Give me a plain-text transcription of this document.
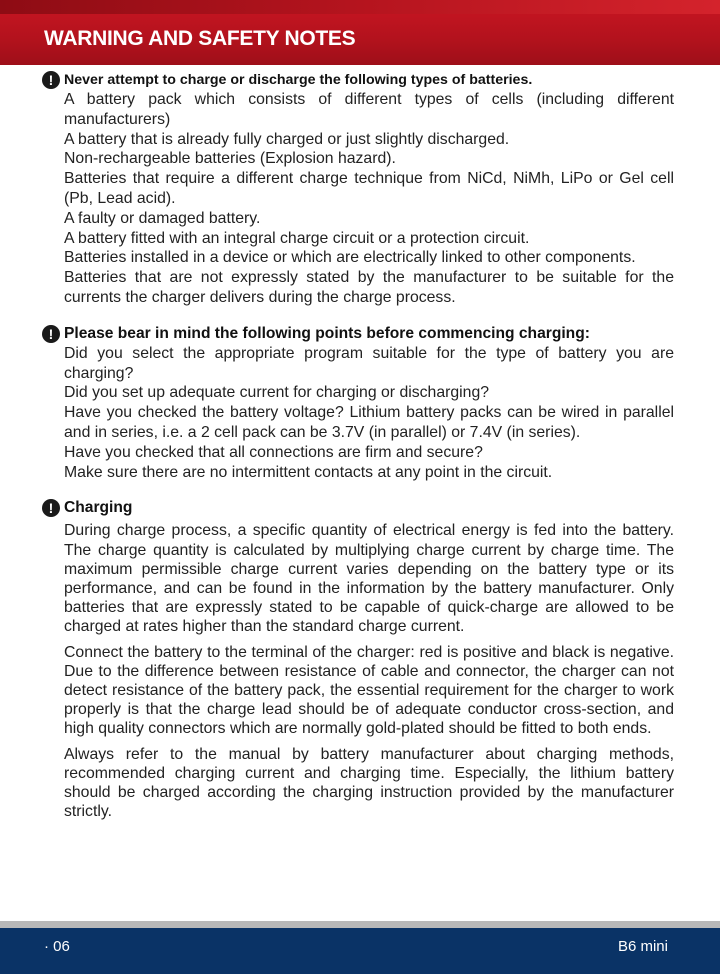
WARNING AND SAFETY NOTES
! Never attempt to charge or discharge the following types of batteries.

A battery pack which consists of different types of cells (including different manufacturers)

A battery that is already fully charged or just slightly discharged.

Non-rechargeable batteries (Explosion hazard).

Batteries that require a different charge technique from NiCd, NiMh, LiPo or Gel cell (Pb, Lead acid).

A faulty or damaged battery.

A battery fitted with an integral charge circuit or a protection circuit.

Batteries installed in a device or which are electrically linked to other components.

Batteries that are not expressly stated by the manufacturer to be suitable for the currents the charger delivers during the charge process.

! Please bear in mind the following points before commencing charging:

Did you select the appropriate program suitable for the type of battery you are charging?

Did you set up adequate current for charging or discharging?

Have you checked the battery voltage? Lithium battery packs can be wired in parallel and in series, i.e. a 2 cell pack can be 3.7V (in parallel) or 7.4V (in series).

Have you checked that all connections are firm and secure?

Make sure there are no intermittent contacts at any point in the circuit.

! Charging

During charge process, a specific quantity of electrical energy is fed into the battery. The charge quantity is calculated by multiplying charge current by charge time. The maximum permissible charge current varies depending on the battery type or its performance, and can be found in the information by the battery manufacturer. Only batteries that are expressly stated to be capable of quick-charge are allowed to be charged at rates higher than the standard charge current.

Connect the battery to the terminal of the charger: red is positive and black is negative. Due to the difference between resistance of cable and connector, the charger can not detect resistance of the battery pack, the essential requirement for the charger to work properly is that the charge lead should be of adequate conductor cross-section, and high quality connectors which are normally gold-plated should be fitted to both ends.

Always refer to the manual by battery manufacturer about charging methods, recommended charging current and charging time. Especially, the lithium battery should be charged according the charging instruction provided by the manufacturer strictly.

· 06	B6 mini
